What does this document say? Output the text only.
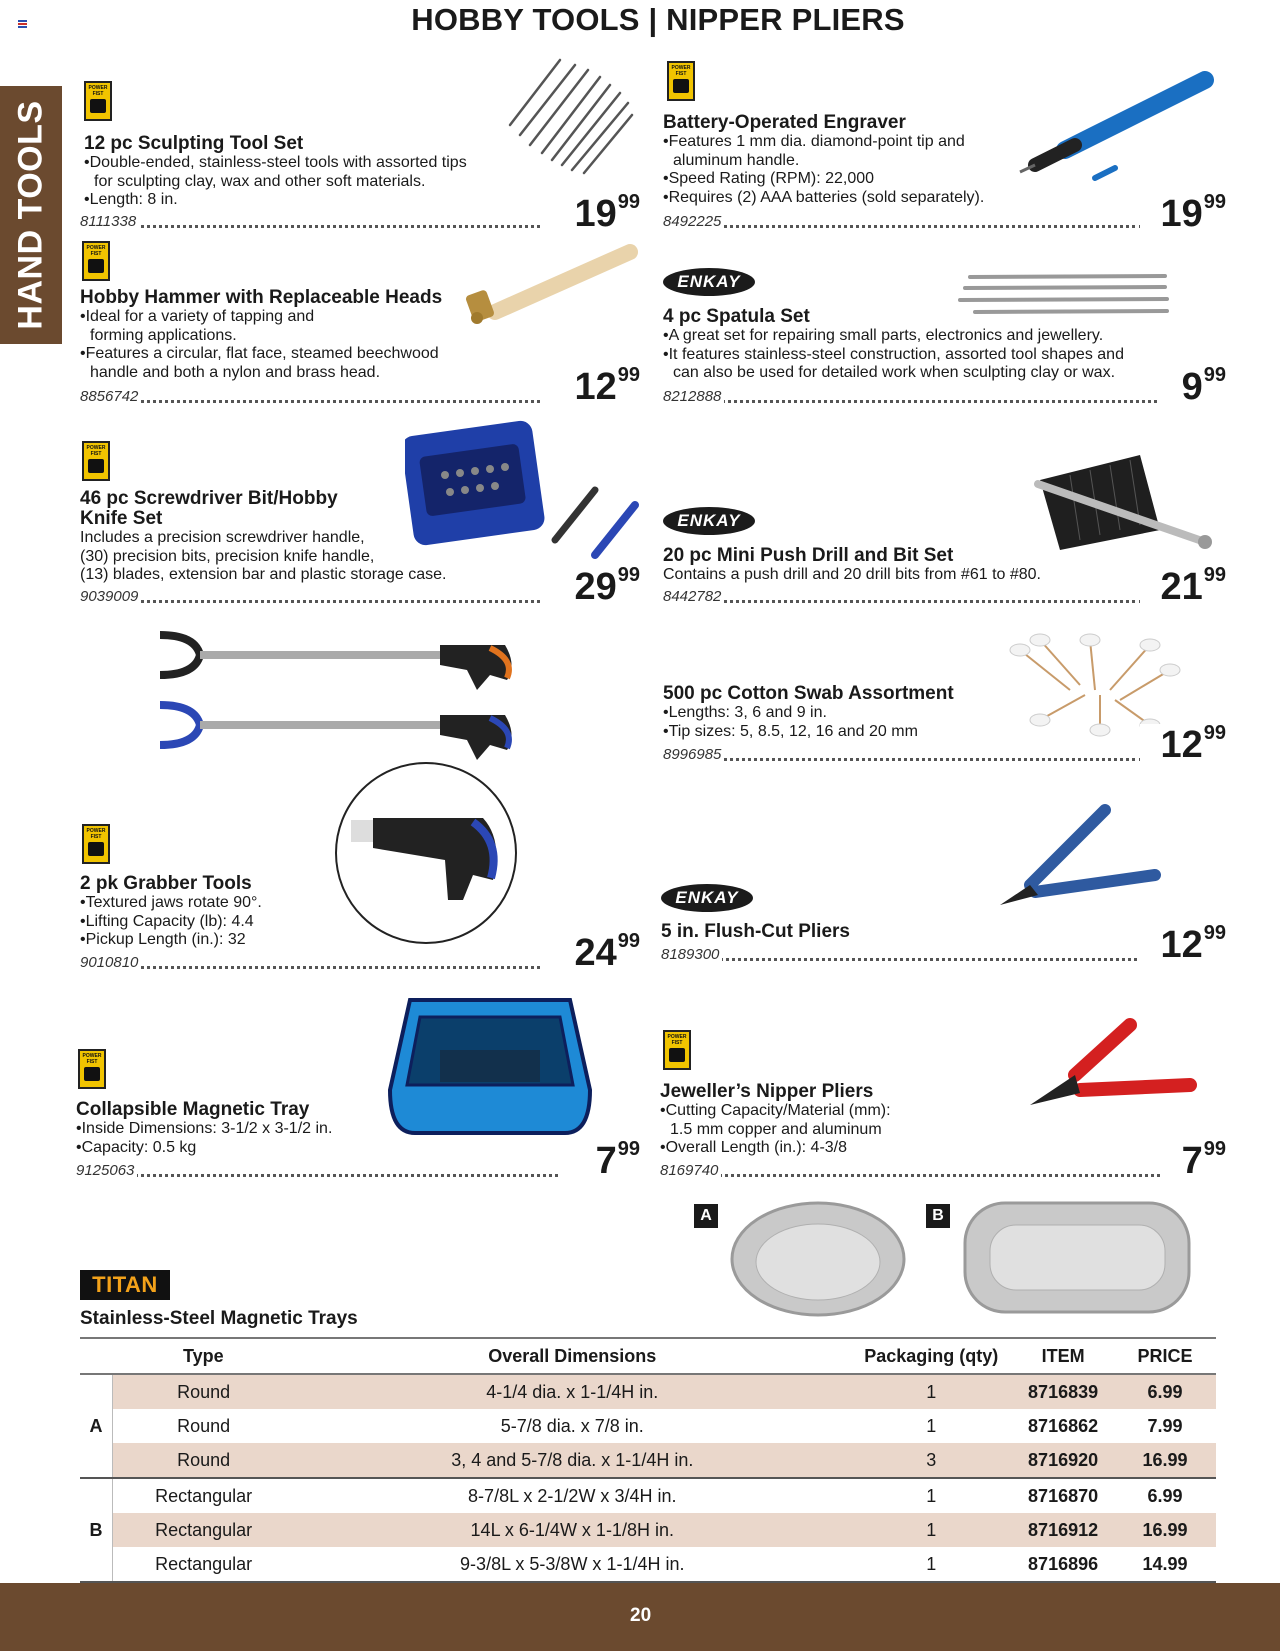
HOBBY TOOLS | NIPPER PLIERS
HAND TOOLS
POWER FIST
12 pc Sculpting Tool Set
•Double-ended, stainless-steel tools with assorted tips
for sculpting clay, wax and other soft materials.
•Length: 8 in.
8111338	$19^{99}$
POWER FIST
Hobby Hammer with Replaceable Heads
•Ideal for a variety of tapping and
forming applications.
•Features a circular, flat face, steamed beechwood
handle and both a nylon and brass head.
8856742	$12^{99}$
POWER FIST
46 pc Screwdriver Bit/Hobby
Knife Set
Includes a precision screwdriver handle,
(30) precision bits, precision knife handle,
(13) blades, extension bar and plastic storage case.
9039009	$29^{99}$
POWER FIST
2 pk Grabber Tools
•Textured jaws rotate 90°.
•Lifting Capacity (lb): 4.4
•Pickup Length (in.): 32
9010810	$24^{99}$
POWER FIST
Collapsible Magnetic Tray
•Inside Dimensions: 3-1/2 x 3-1/2 in.
•Capacity: 0.5 kg
9125063	$7^{99}$
POWER FIST
Battery-Operated Engraver
•Features 1 mm dia. diamond-point tip and
aluminum handle.
•Speed Rating (RPM): 22,000
•Requires (2) AAA batteries (sold separately).
8492225	$19^{99}$
ENKAY
4 pc Spatula Set
•A great set for repairing small parts, electronics and jewellery.
•It features stainless-steel construction, assorted tool shapes and
can also be used for detailed work when sculpting clay or wax.
8212888	$9^{99}$
ENKAY
20 pc Mini Push Drill and Bit Set
Contains a push drill and 20 drill bits from #61 to #80.
8442782	$21^{99}$
500 pc Cotton Swab Assortment
•Lengths: 3, 6 and 9 in.
•Tip sizes: 5, 8.5, 12, 16 and 20 mm
8996985	$12^{99}$
ENKAY
5 in. Flush-Cut Pliers
8189300	$12^{99}$
POWER FIST
Jeweller’s Nipper Pliers
•Cutting Capacity/Material (mm):
1.5 mm copper and aluminum
•Overall Length (in.): 4-3/8
8169740	$7^{99}$
A	B
TITAN
Stainless-Steel Magnetic Trays
	Type	Overall Dimensions	Packaging (qty)	ITEM	PRICE
	Round	4-1/4 dia. x 1-1/4H in.	1	8716839	6.99
A	Round	5-7/8 dia. x 7/8 in.	1	8716862	7.99
	Round	3, 4 and 5-7/8 dia. x 1-1/4H in.	3	8716920	16.99
	Rectangular	8-7/8L x 2-1/2W x 3/4H in.	1	8716870	6.99
B	Rectangular	14L x 6-1/4W x 1-1/8H in.	1	8716912	16.99
	Rectangular	9-3/8L x 5-3/8W x 1-1/4H in.	1	8716896	14.99
20
